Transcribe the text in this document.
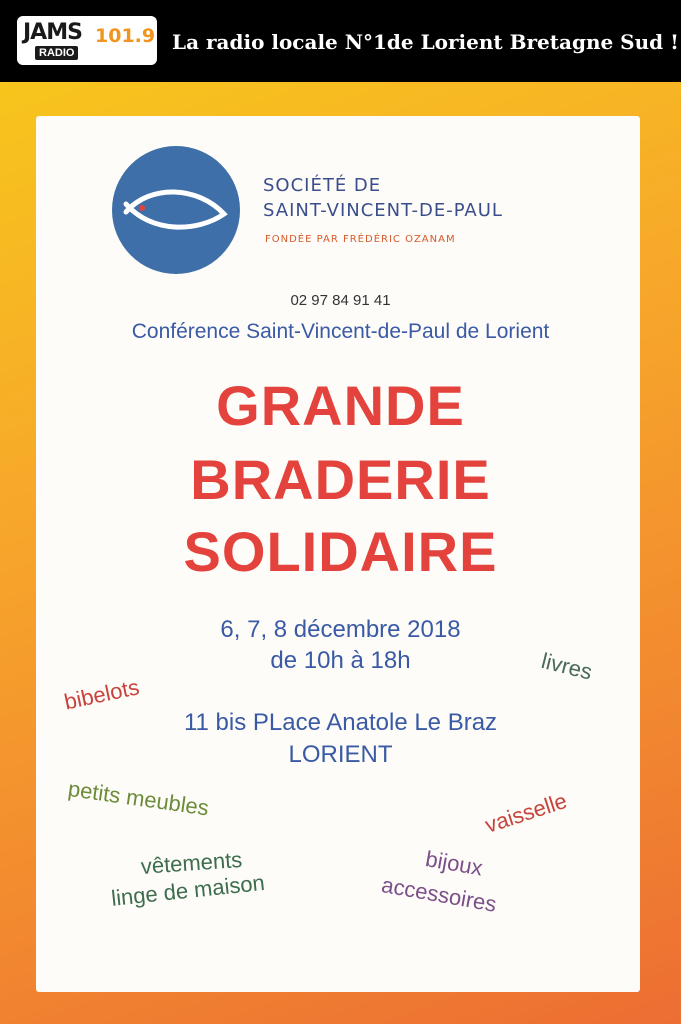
JAMS 101.9
RADIO	La radio locale N°1de Lorient Bretagne Sud !
SOCIÉTÉ DE
SAINT-VINCENT-DE-PAUL
FONDÉE PAR FRÉDÉRIC OZANAM
02 97 84 91 41
Conférence Saint-Vincent-de-Paul de Lorient
GRANDE
BRADERIE
SOLIDAIRE
6, 7, 8 décembre 2018
de 10h à 18h
11 bis PLace Anatole Le Braz
LORIENT
bibelots
livres
petits meubles	vaisselle
vêtements
linge de maison
bijoux
accessoires
